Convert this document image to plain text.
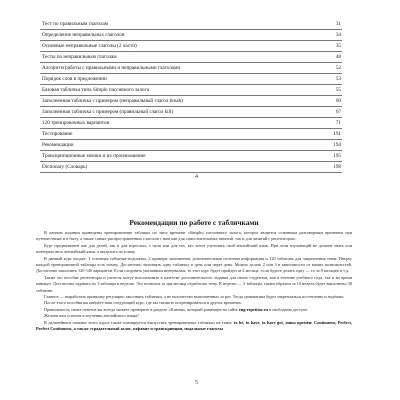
Тест по правильным глаголам	31
Определение неправильных глаголов	34
Основные неправильные глаголы (2 части)	35
Тесты по неправильным глаголам	48
Алгоритм работы с правильными и неправильными глаголами	52
Порядок слов в предложении	53
Базовая табличка типа Simple пассивного залога	55
Заполненная табличка с примером (неправильный глагол break)	60
Заполненная табличка с примером (правильный глагол kill)	67
120 тренировочных вариантов	71
Тестирование	191
Рекомендации	194
Транскрипционные значки и их произношение	195
Dictionary (Словарь)	198
4
Рекомендации по работе с табличками

В данном издании приведены тренировочные таблицы по типу времени «Simple» пассивного залога, которое является основным разговорным временем при путешествиях и в быту, а также самых распространенных глаголов с ним как для самостоятельных занятий, так и для занятий с репетитором.

Курс предназначен как для детей, так и для взрослых, с нуля или для тех, кто хочет улучшить свой английский язык. При этом изучающий не должен знать или повторять весь английский язык, а выделить по плану.

В данный курс входят: 1 основная табличка-подсказка, 2 примера заполнения, дополнительная полезная информация и 120 табличек для закрепления темы. Вверху каждой тренировочной таблицы есть номер. Достаточно заполнять одну табличку в день или через день. Можно делать 2 или 3 в зависимости от ваших возможностей. Достаточно заполнить 120-140 вариантов. Если следовать указанным интервалам, то этот курс будет пройден за 4 месяца, если будете делать одну — то за 8 месяцев и т.д.

Также это пособие репетиторы и учителя могут использовать в качестве дополнительного задания для своих студентов, как в течение учебного года, так и во время каникул. Достаточно задавать по 3 таблицы в неделю. Это позволит за два месяца отработать тему. В неделю — 3 таблицы, таким образом за 10 недель будет выполнено 30 табличек.

Главное — выработать привычку регулярно заполнять таблички, а не количество выполненных за раз. Тогда грамматика будет закрепляться постепенно и надёжно.

После этого пособия вы найдёте наш следующий курс, где вы сможете потренироваться в других временах.

Правильность своих ответов вы всегда можете проверить в разделе «Ключи», который размещён на сайте eng-repetitor.ru в свободном доступе.

Желаем вам успехов в изучении английского языка!

В дальнейшем помимо этого курса также планируется выпустить тренировочные таблички на темы: to be, to have, to have got, типы времён: Continuous, Perfect, Perfect Continuous, а также страдательный залог, алфавит и транскрипция, модальные глаголы

5
